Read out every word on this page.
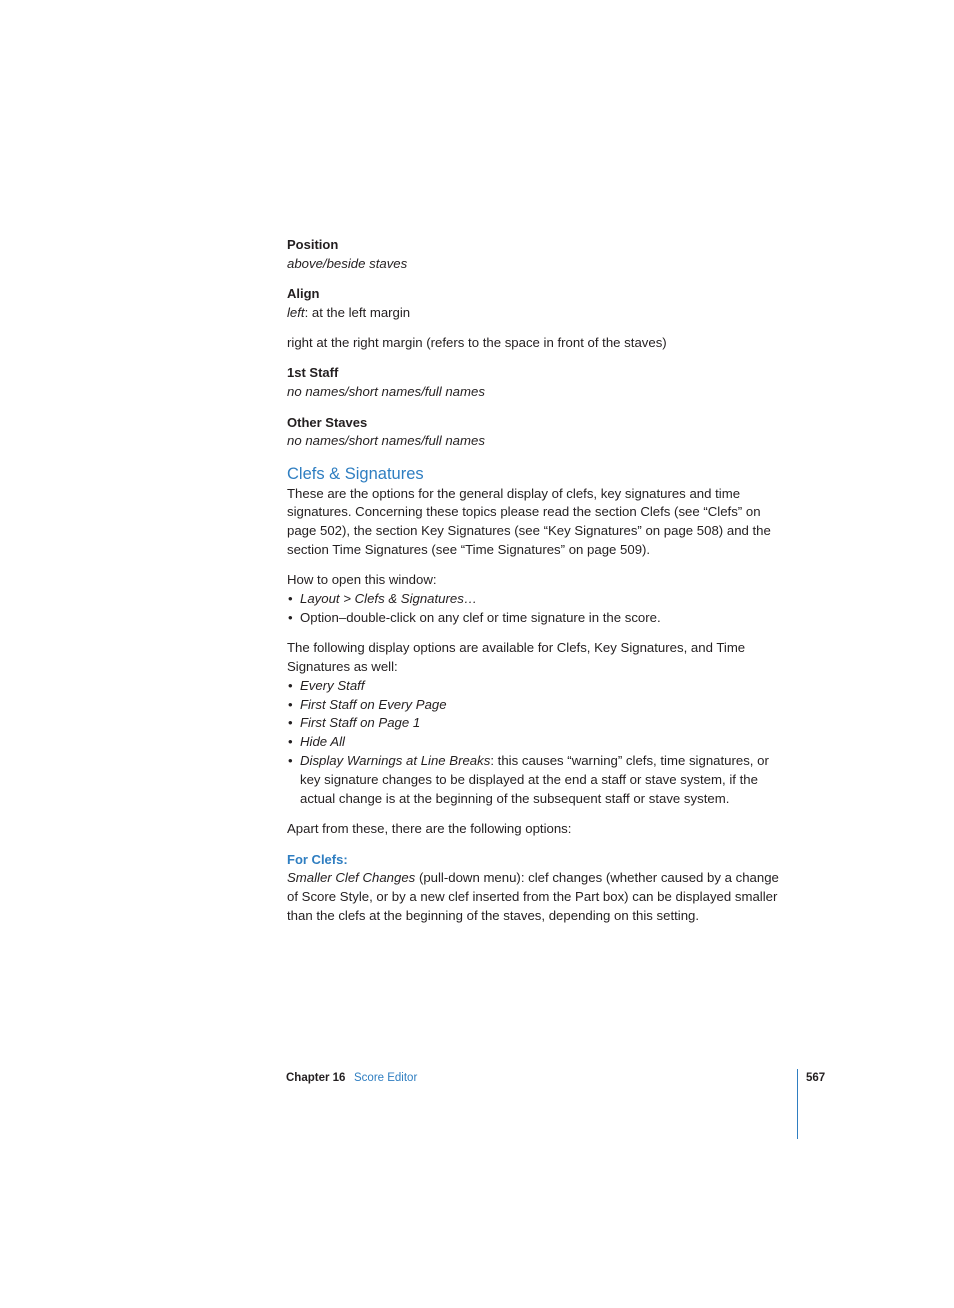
Position

above/beside staves

Align

left: at the left margin

right at the right margin (refers to the space in front of the staves)

1st Staff

no names/short names/full names

Other Staves

no names/short names/full names

Clefs & Signatures

These are the options for the general display of clefs, key signatures and time signatures. Concerning these topics please read the section Clefs (see “Clefs” on page 502), the section Key Signatures (see “Key Signatures” on page 508) and the section Time Signatures (see “Time Signatures” on page 509).

How to open this window:

• Layout > Clefs & Signatures…
• Option–double-click on any clef or time signature in the score.

The following display options are available for Clefs, Key Signatures, and Time Signatures as well:

• Every Staff
• First Staff on Every Page
• First Staff on Page 1
• Hide All
• Display Warnings at Line Breaks: this causes “warning” clefs, time signatures, or key signature changes to be displayed at the end a staff or stave system, if the actual change is at the beginning of the subsequent staff or stave system.

Apart from these, there are the following options:

For Clefs:

Smaller Clef Changes (pull-down menu): clef changes (whether caused by a change of Score Style, or by a new clef inserted from the Part box) can be displayed smaller than the clefs at the beginning of the staves, depending on this setting.

Chapter 16 Score Editor	567
